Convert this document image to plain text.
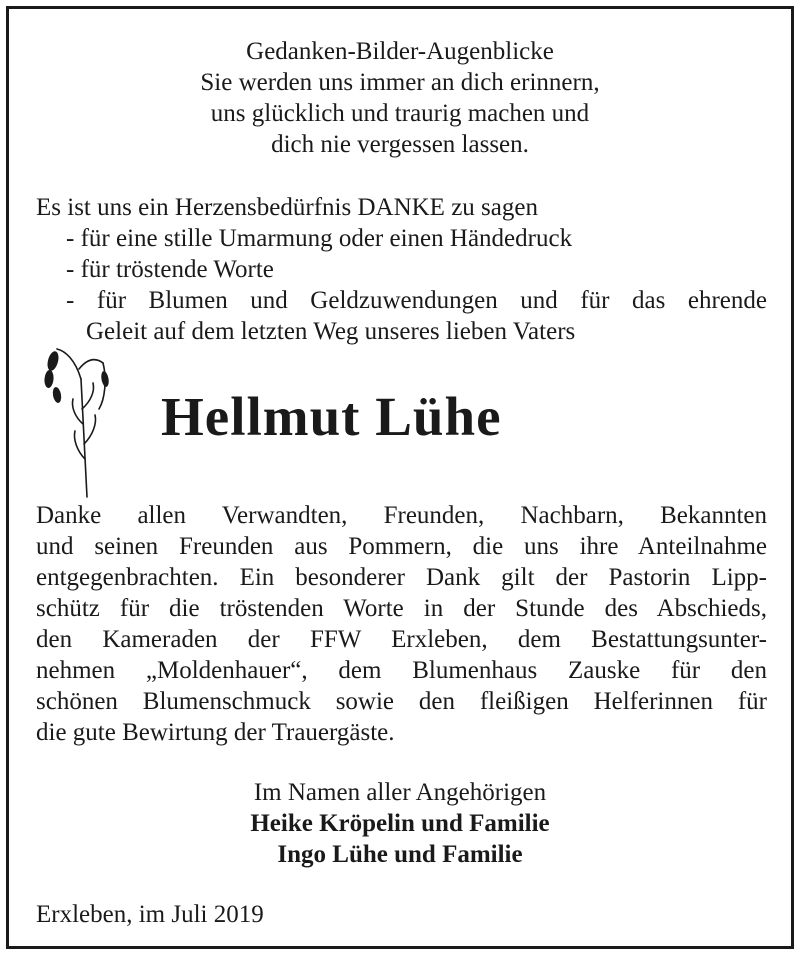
Gedanken-Bilder-Augenblicke
Sie werden uns immer an dich erinnern,
uns glücklich und traurig machen und
dich nie vergessen lassen.
Es ist uns ein Herzensbedürfnis DANKE zu sagen
- für eine stille Umarmung oder einen Händedruck
- für tröstende Worte
- für Blumen und Geldzuwendungen und für das ehrende
Geleit auf dem letzten Weg unseres lieben Vaters
Hellmut Lühe
Danke allen Verwandten, Freunden, Nachbarn, Bekannten
und seinen Freunden aus Pommern, die uns ihre Anteilnahme
entgegenbrachten. Ein besonderer Dank gilt der Pastorin Lipp-
schütz für die tröstenden Worte in der Stunde des Abschieds,
den Kameraden der FFW Erxleben, dem Bestattungsunter-
nehmen „Moldenhauer“, dem Blumenhaus Zauske für den
schönen Blumenschmuck sowie den fleißigen Helferinnen für
die gute Bewirtung der Trauergäste.
Im Namen aller Angehörigen
Heike Kröpelin und Familie
Ingo Lühe und Familie
Erxleben, im Juli 2019
